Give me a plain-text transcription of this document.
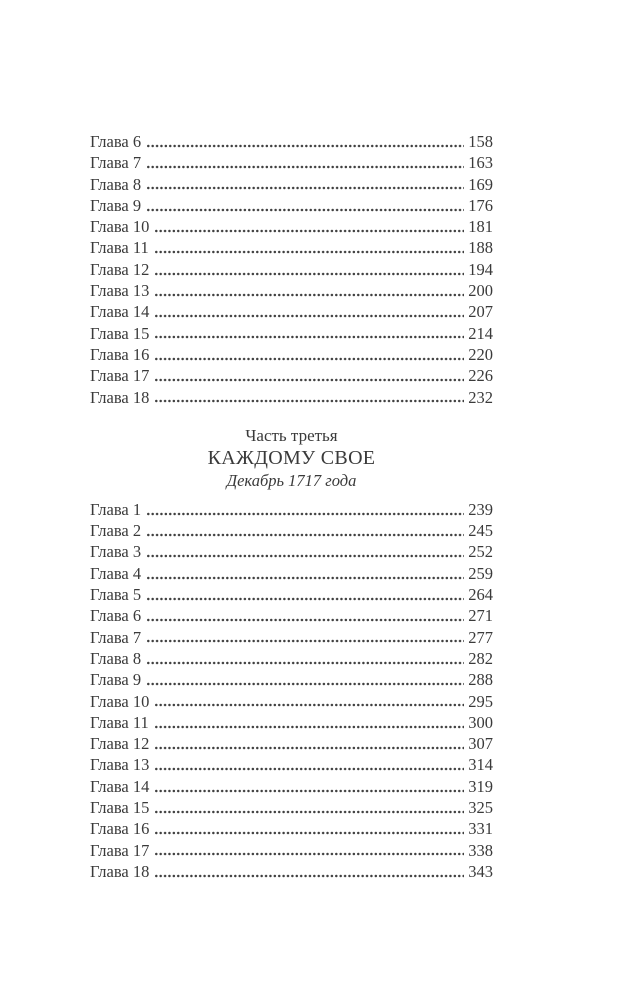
Глава 6	158
Глава 7	163
Глава 8	169
Глава 9	176
Глава 10	181
Глава 11	188
Глава 12	194
Глава 13	200
Глава 14	207
Глава 15	214
Глава 16	220
Глава 17	226
Глава 18	232
Часть третья
КАЖДОМУ СВОЕ
Декабрь 1717 года
Глава 1	239
Глава 2	245
Глава 3	252
Глава 4	259
Глава 5	264
Глава 6	271
Глава 7	277
Глава 8	282
Глава 9	288
Глава 10	295
Глава 11	300
Глава 12	307
Глава 13	314
Глава 14	319
Глава 15	325
Глава 16	331
Глава 17	338
Глава 18	343
